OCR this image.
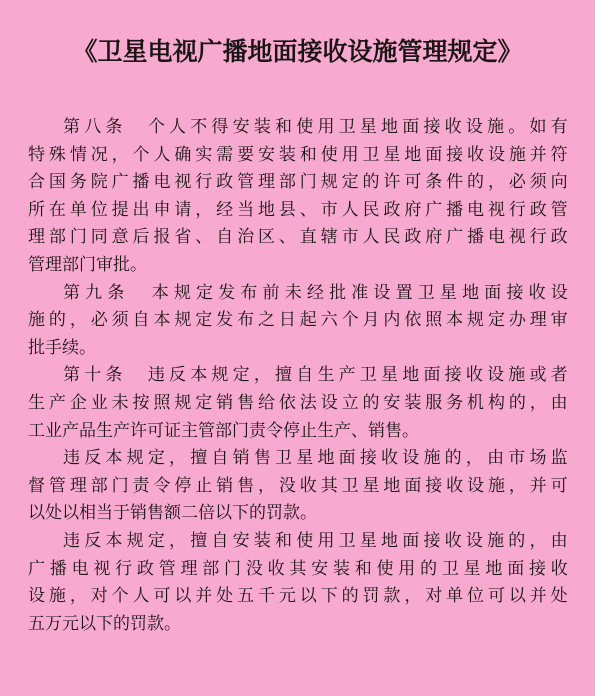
《卫星电视广播地面接收设施管理规定》
第 八 条
　 个 人 不 得 安 装 和 使 用 卫 星 地 面 接 收 设 施 。 如 有
特 殊 情 况 ， 个 人 确 实 需 要 安 装 和 使 用 卫 星 地 面 接 收 设 施 并 符
合 国 务 院 广 播 电 视 行 政 管 理 部 门 规 定 的 许 可 条 件 的 ， 必 须 向
所 在 单 位 提 出 申 请 ， 经 当 地 县 、 市 人 民 政 府 广 播 电 视 行 政 管
理 部 门 同 意 后 报 省 、 自 治 区 、 直 辖 市 人 民 政 府 广 播 电 视 行 政
管理部门审批。
第 九 条
　 本 规 定 发 布 前 未 经 批 准 设 置 卫 星 地 面 接 收 设
施 的 ， 必 须 自 本 规 定 发 布 之 日 起 六 个 月 内 依 照 本 规 定 办 理 审
批手续。
第 十 条
　 违 反 本 规 定 ， 擅 自 生 产 卫 星 地 面 接 收 设 施 或 者
生 产 企 业 未 按 照 规 定 销 售 给 依 法 设 立 的 安 装 服 务 机 构 的 ， 由
工业产品生产许可证主管部门责令停止生产、销售。
违 反 本 规 定 ， 擅 自 销 售 卫 星 地 面 接 收 设 施 的 ， 由 市 场 监
督 管 理 部 门 责 令 停 止 销 售 ， 没 收 其 卫 星 地 面 接 收 设 施 ， 并 可
以处以相当于销售额二倍以下的罚款。
违 反 本 规 定 ， 擅 自 安 装 和 使 用 卫 星 地 面 接 收 设 施 的 ， 由
广 播 电 视 行 政 管 理 部 门 没 收 其 安 装 和 使 用 的 卫 星 地 面 接 收
设 施 ， 对 个 人 可 以 并 处 五 千 元 以 下 的 罚 款 ， 对 单 位 可 以 并 处
五万元以下的罚款。
